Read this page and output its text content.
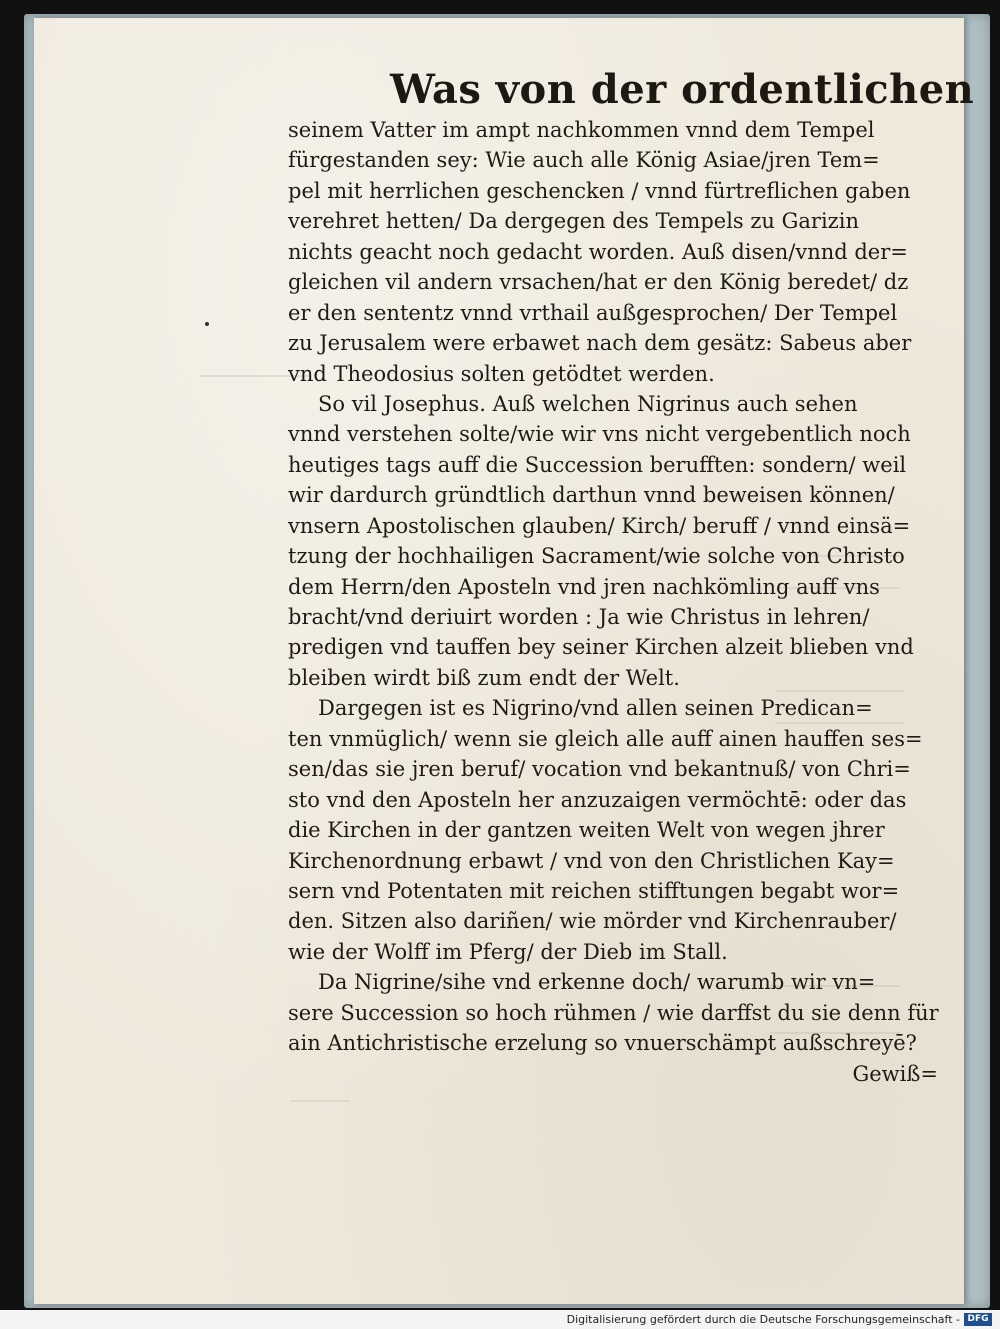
Was von der ordentlichen
seinem Vatter im ampt nachkommen vnnd dem Tempel
fürgestanden sey: Wie auch alle König Asiae/jren Tem=
pel mit herrlichen geschencken / vnnd fürtreflichen gaben
verehret hetten/ Da dergegen des Tempels zu Garizin
nichts geacht noch gedacht worden. Auß disen/vnnd der=
gleichen vil andern vrsachen/hat er den König beredet/ dz
er den sententz vnnd vrthail außgesprochen/ Der Tempel
zu Jerusalem were erbawet nach dem gesätz: Sabeus aber
vnd Theodosius solten getödtet werden.
So vil Josephus. Auß welchen Nigrinus auch sehen
vnnd verstehen solte/wie wir vns nicht vergebentlich noch
heutiges tags auff die Succession berufften: sondern/ weil
wir dardurch gründtlich darthun vnnd beweisen können/
vnsern Apostolischen glauben/ Kirch/ beruff / vnnd einsä=
tzung der hochhailigen Sacrament/wie solche von Christo
dem Herrn/den Aposteln vnd jren nachkömling auff vns
bracht/vnd deriuirt worden : Ja wie Christus in lehren/
predigen vnd tauffen bey seiner Kirchen alzeit blieben vnd
bleiben wirdt biß zum endt der Welt.
Dargegen ist es Nigrino/vnd allen seinen Predican=
ten vnmüglich/ wenn sie gleich alle auff ainen hauffen ses=
sen/das sie jren beruf/ vocation vnd bekantnuß/ von Chri=
sto vnd den Aposteln her anzuzaigen vermöchtē: oder das
die Kirchen in der gantzen weiten Welt von wegen jhrer
Kirchenordnung erbawt / vnd von den Christlichen Kay=
sern vnd Potentaten mit reichen stifftungen begabt wor=
den. Sitzen also dariñen/ wie mörder vnd Kirchenrauber/
wie der Wolff im Pferg/ der Dieb im Stall.
Da Nigrine/sihe vnd erkenne doch/ warumb wir vn=
sere Succession so hoch rühmen / wie darffst du sie denn für
ain Antichristische erzelung so vnuerschämpt außschreyē?
Gewiß=
Digitalisierung gefördert durch die Deutsche Forschungsgemeinschaft - DFG
